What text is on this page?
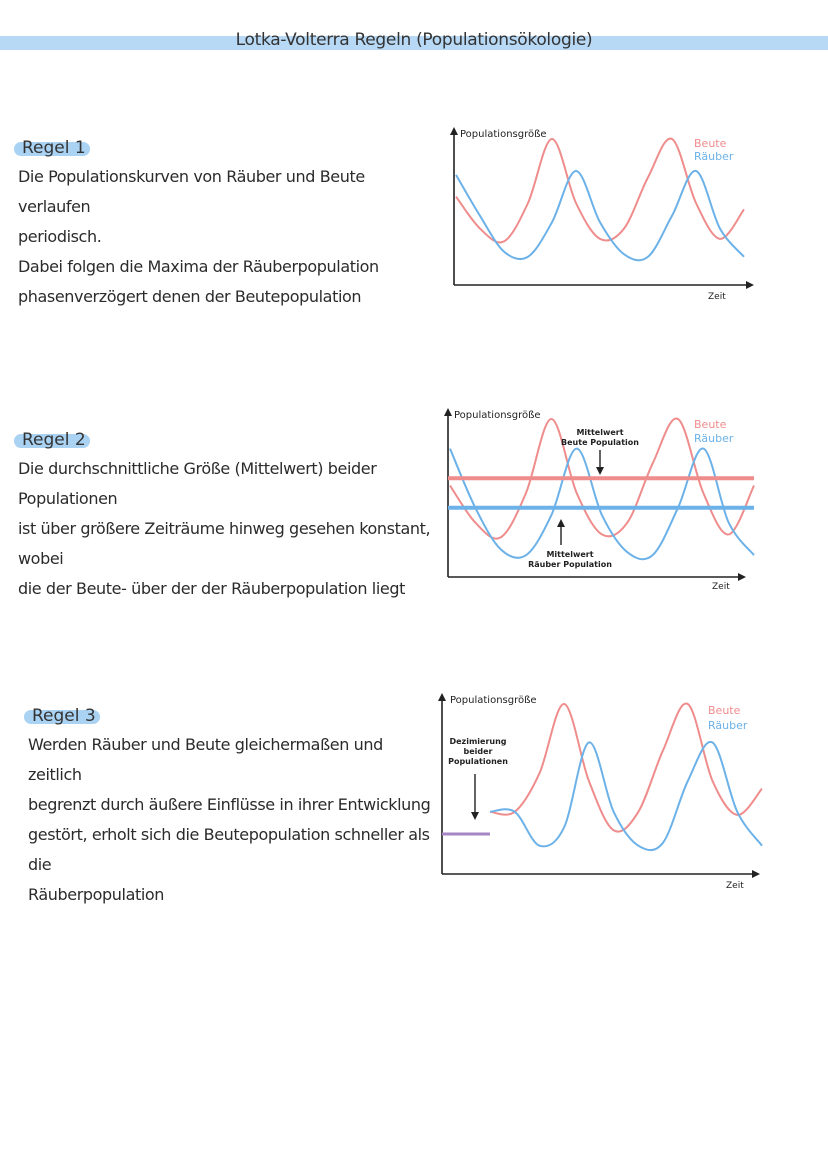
Lotka-Volterra Regeln (Populationsökologie)
Regel 1

Die Populationskurven von Räuber und Beute verlaufen

periodisch.

Dabei folgen die Maxima der Räuberpopulation

phasenverzögert denen der Beutepopulation

Populationsgröße
Zeit
Beute
Räuber
Regel 2

Die durchschnittliche Größe (Mittelwert) beider Populationen

ist über größere Zeiträume hinweg gesehen konstant, wobei

die der Beute- über der der Räuberpopulation liegt

Populationsgröße
Zeit
Beute
Räuber
Mittelwert
Beute Population
Mittelwert
Räuber Population
Regel 3

Werden Räuber und Beute gleichermaßen und zeitlich

begrenzt durch äußere Einflüsse in ihrer Entwicklung

gestört, erholt sich die Beutepopulation schneller als die

Räuberpopulation

Populationsgröße
Zeit
Beute
Räuber
Dezimierung
beider
Populationen
